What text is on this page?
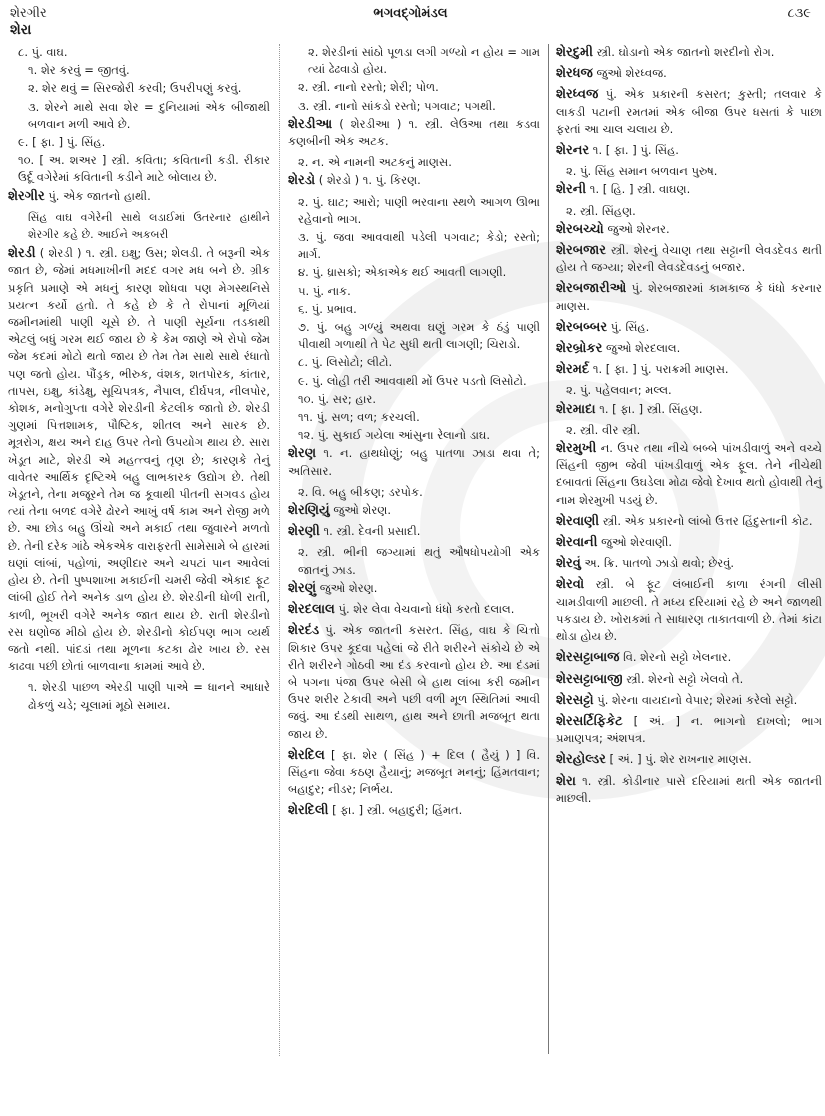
શેરગીર	ભગવદ્ગોમંડલ	૮૩૯
શેરા
૮. પું. વાઘ.
૧. શેર કરવું = જીતવું.
૨. શેર થવું = સિરજોરી કરવી; ઉપરીપણું કરવું.
૩. શેરને માથે સવા શેર = દુનિયામાં એક બીજાથી બળવાન મળી આવે છે.
૯. [ ફા. ] પું. સિંહ.
૧૦. [ અ. શઅર ] સ્ત્રી. કવિતા; કવિતાની કડી. રીકાર ઉર્દૂ વગેરેમાં કવિતાની કડીને માટે બોલાય છે.
શેરગીર પું. એક જાતનો હાથી.
સિંહ વાઘ વગેરેની સાથે લડાઈમાં ઉતરનાર હાથીને શેરગીર કહે છે. આઈને અકબરી
શેરડી ( શેરડી ) ૧. સ્ત્રી. ઇક્ષુ; ઉસ; શેલડી. તે બરૂની એક જાત છે, જેમાં મધમાખીની મદદ વગર મધ બને છે. ગ્રીક પ્રકૃતિ પ્રમાણે એ મધનું કારણ શોધવા પણ મેગસ્થનિસે પ્રયત્ન કર્યો હતો. તે કહે છે કે તે રોપાનાં મૂળિયાં જમીનમાંથી પાણી ચૂસે છે. તે પાણી સૂર્યના તડકાથી એટલું બધું ગરમ થઈ જાય છે કે કેમ જાણે એ રોપો જેમ જેમ કદમાં મોટો થતો જાય છે તેમ તેમ સાથે સાથે રંધાતો પણ જતો હોય. પૌંડ્રક, ભીરુક, વંશક, શતપોરક, કાંતાર, તાપસ, ઇક્ષુ, કાંડેક્ષુ, સૂચિપત્રક, નૈપાલ, દીર્ઘપત્ર, નીલપોર, કોશક, મનોગુપ્તા વગેરે શેરડીની કેટલીક જાતો છે. શેરડી ગુણમાં પિત્તશામક, પૌષ્ટિક, શીતલ અને સારક છે. મૂત્રરોગ, ક્ષય અને દાહ ઉપર તેનો ઉપયોગ થાય છે. સારા ખેડૂત માટે, શેરડી એ મહત્ત્વનું તૃણ છે; કારણકે તેનું વાવેતર આર્થિક દૃષ્ટિએ બહુ લાભકારક ઉદ્યોગ છે. તેથી ખેડૂતને, તેના મજૂરને તેમ જ કૂવાથી પીતની સગવડ હોય ત્યાં તેના બળદ વગેરે ઢોરને આખું વર્ષ કામ અને રોજી મળે છે. આ છોડ બહુ ઊંચો અને મકાઈ તથા જુવારને મળતો છે. તેની દરેક ગાંઠે એકએક વારાફરતી સામેસામે બે હારમાં ઘણાં લાંબાં, પહોળાં, અણીદાર અને ચપટાં પાન આવેલાં હોય છે. તેની પુષ્પશાખા મકાઈની ચમરી જેવી એકાદ ફૂટ લાંબી હોઈ તેને અનેક ડાળ હોય છે. શેરડીની ધોળી રાતી, કાળી, ભૂખરી વગેરે અનેક જાત થાય છે. રાતી શેરડીનો રસ ઘણોજ મીઠો હોય છે. શેરડીનો કોઈપણ ભાગ વ્યર્થ જતો નથી. પાંદડાં તથા મૂળના કટકા ઢોર ખાય છે. રસ કાઢવા પછી છોતાં બાળવાના કામમાં આવે છે.
૧. શેરડી પાછળ એરડી પાણી પાએ = ધાનને આધારે ઢોકળું ચડે; ચૂલામાં મૂઠો સમાય.
૨. શેરડીનાં સાંઠો પૂળડા લગી ગળ્યો ન હોય = ગામ ત્યાં ઢેઢવાડો હોય.
૨. સ્ત્રી. નાનો રસ્તો; શેરી; પોળ.
૩. સ્ત્રી. નાનો સાંકડો રસ્તો; પગવાટ; પગથી.
શેરડીઆ ( શેરડીઆ ) ૧. સ્ત્રી. લેઉઆ તથા કડવા કણબીની એક અટક.
૨. ન. એ નામની અટકનું માણસ.
શેરડો ( શેરડો ) ૧. પું. કિરણ.
૨. પું. ઘાટ; આરો; પાણી ભરવાના સ્થળે આગળ ઊભા રહેવાનો ભાગ.
૩. પું. જવા આવવાથી પડેલી પગવાટ; કેડો; રસ્તો; માર્ગ.
૪. પું. ધ્રાસકો; એકાએક થઈ આવતી લાગણી.
૫. પું. નાક.
૬. પું. પ્રભાવ.
૭. પું. બહુ ગળ્યું અથવા ઘણું ગરમ કે ઠંડું પાણી પીવાથી ગળાથી તે પેટ સુધી થતી લાગણી; ચિરાડો.
૮. પું. લિસોટો; લીટો.
૯. પું. લોહી તરી આવવાથી મોં ઉપર પડતો લિસોટો.
૧૦. પું. સર; હાર.
૧૧. પું. સળ; વળ; કરચલી.
૧૨. પું. સુકાઈ ગયેલા આંસુના રેલાનો ડાઘ.
શેરણ ૧. ન. હાથધોણું; બહુ પાતળા ઝાડા થવા તે; અતિસાર.
૨. વિ. બહુ બીકણ; ડરપોક.
શેરણિયું જુઓ શેરણ.
શેરણી ૧. સ્ત્રી. દેવની પ્રસાદી.
૨. સ્ત્રી. ભીની જગ્યામાં થતું ઔષધોપયોગી એક જાતનું ઝાડ.
શેરણું જુઓ શેરણ.
શેરદલાલ પું. શેર લેવા વેચવાનો ધંધો કરતો દલાલ.
શેરદંડ પું. એક જાતની કસરત. સિંહ, વાઘ કે ચિત્તો શિકાર ઉપર કૂદવા પહેલાં જે રીતે શરીરને સંકોચે છે એ રીતે શરીરને ગોઠવી આ દંડ કરવાનો હોય છે. આ દંડમાં બે પગના પંજા ઉપર બેસી બે હાથ લાંબા કરી જમીન ઉપર શરીર ટેકાવી અને પછી વળી મૂળ સ્થિતિમાં આવી જવું. આ દંડથી સાથળ, હાથ અને છાતી મજબૂત થતા જાય છે.
શેરદિલ [ ફા. શેર ( સિંહ ) + દિલ ( હૈયું ) ] વિ. સિંહના જેવા કઠણ હૈયાનું; મજબૂત મનનું; હિંમતવાન; બહાદુર; નીડર; નિર્ભય.
શેરદિલી [ ફા. ] સ્ત્રી. બહાદુરી; હિંમત.
શેરદુમી સ્ત્રી. ઘોડાનો એક જાતનો શરદીનો રોગ.
શેરધજ જુઓ શેરધ્વજ.
શેરધ્વજ પું. એક પ્રકારની કસરત; કુસ્તી; તલવાર કે લાકડી પટાની રમતમાં એક બીજા ઉપર ધસતાં કે પાછા ફરતાં આ ચાલ ચલાય છે.
શેરનર ૧. [ ફા. ] પું. સિંહ.
૨. પું. સિંહ સમાન બળવાન પુરુષ.
શેરની ૧. [ હિ. ] સ્ત્રી. વાઘણ.
૨. સ્ત્રી. સિંહણ.
શેરબચ્ચો જુઓ શેરનર.
શેરબજાર સ્ત્રી. શેરનું વેચાણ તથા સટ્ટાની લેવડદેવડ થતી હોય તે જગ્યા; શેરની લેવડદેવડનું બજાર.
શેરબજારીઓ પું. શેરબજારમાં કામકાજ કે ધંધો કરનાર માણસ.
શેરબબ્બર પું. સિંહ.
શેરબ્રોકર જુઓ શેરદલાલ.
શેરમર્દ ૧. [ ફા. ] પું. પરાક્રમી માણસ.
૨. પું. પહેલવાન; મલ્લ.
શેરમાદા ૧. [ ફા. ] સ્ત્રી. સિંહણ.
૨. સ્ત્રી. વીર સ્ત્રી.
શેરમુખી ન. ઉપર તથા નીચે બબ્બે પાંખડીવાળું અને વચ્ચે સિંહની જીભ જેવી પાંખડીવાળું એક ફૂલ. તેને નીચેથી દબાવતાં સિંહના ઉઘડેલા મોઢા જેવો દેખાવ થતો હોવાથી તેનું નામ શેરમુખી પડયું છે.
શેરવાણી સ્ત્રી. એક પ્રકારનો લાંબો ઉત્તર હિંદુસ્તાની કોટ.
શેરવાની જુઓ શેરવાણી.
શેરવું અ. ક્રિ. પાતળો ઝાડો થવો; છેરવું.
શેરવો સ્ત્રી. બે ફૂટ લંબાઈની કાળા રંગની લીસી ચામડીવાળી માછલી. તે મધ્ય દરિયામાં રહે છે અને જાળથી પકડાય છે. ખોરાકમાં તે સાધારણ તાકાતવાળી છે. તેમાં કાંટા થોડા હોય છે.
શેરસટ્ટાબાજ વિ. શેરનો સટ્ટો ખેલનાર.
શેરસટ્ટાબાજી સ્ત્રી. શેરનો સટ્ટો ખેલવો તે.
શેરસટ્ટો પું. શેરના વાયદાનો વેપાર; શેરમાં કરેલો સટ્ટો.
શેરસર્ટિફિકેટ [ અં. ] ન. ભાગનો દાખલો; ભાગ પ્રમાણપત્ર; અંશપત્ર.
શેરહોલ્ડર [ અં. ] પું. શેર રાખનાર માણસ.
શેરા ૧. સ્ત્રી. કોડીનાર પાસે દરિયામાં થતી એક જાતની માછલી.
